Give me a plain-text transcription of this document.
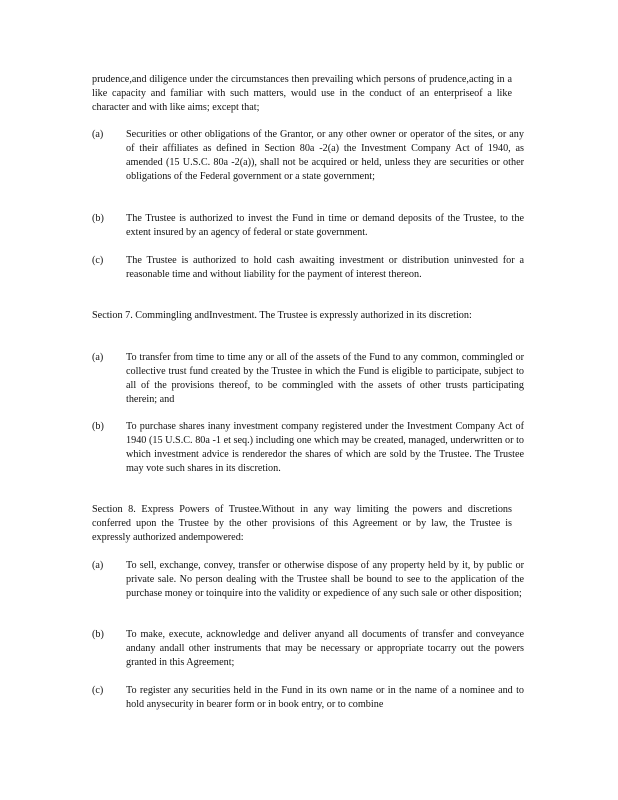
prudence,and diligence under the circumstances then prevailing which persons of prudence,acting in a like capacity and familiar with such matters, would use in the conduct of an enterpriseof a like character and with like aims; except that;

(a)	Securities or other obligations of the Grantor, or any other owner or operator of the sites, or any of their affiliates as defined in Section 80a -2(a) the Investment Company Act of 1940, as amended (15 U.S.C. 80a -2(a)), shall not be acquired or held, unless they are securities or other obligations of the Federal government or a state government;
(b)	The Trustee is authorized to invest the Fund in time or demand deposits of the Trustee, to the extent insured by an agency of federal or state government.
(c)	The Trustee is authorized to hold cash awaiting investment or distribution uninvested for a reasonable time and without liability for the payment of interest thereon.

Section 7. Commingling andInvestment. The Trustee is expressly authorized in its discretion:

(a)	To transfer from time to time any or all of the assets of the Fund to any common, commingled or collective trust fund created by the Trustee in which the Fund is eligible to participate, subject to all of the provisions thereof, to be commingled with the assets of other trusts participating therein; and
(b)	To purchase shares inany investment company registered under the Investment Company Act of 1940 (15 U.S.C. 80a -1 et seq.) including one which may be created, managed, underwritten or to which investment advice is renderedor the shares of which are sold by the Trustee. The Trustee may vote such shares in its discretion.

Section 8. Express Powers of Trustee.Without in any way limiting the powers and discretions conferred upon the Trustee by the other provisions of this Agreement or by law, the Trustee is expressly authorized andempowered:

(a)	To sell, exchange, convey, transfer or otherwise dispose of any property held by it, by public or private sale. No person dealing with the Trustee shall be bound to see to the application of the purchase money or toinquire into the validity or expedience of any such sale or other disposition;
(b)	To make, execute, acknowledge and deliver anyand all documents of transfer and conveyance andany andall other instruments that may be necessary or appropriate tocarry out the powers granted in this Agreement;
(c)	To register any securities held in the Fund in its own name or in the name of a nominee and to hold anysecurity in bearer form or in book entry, or to combine
